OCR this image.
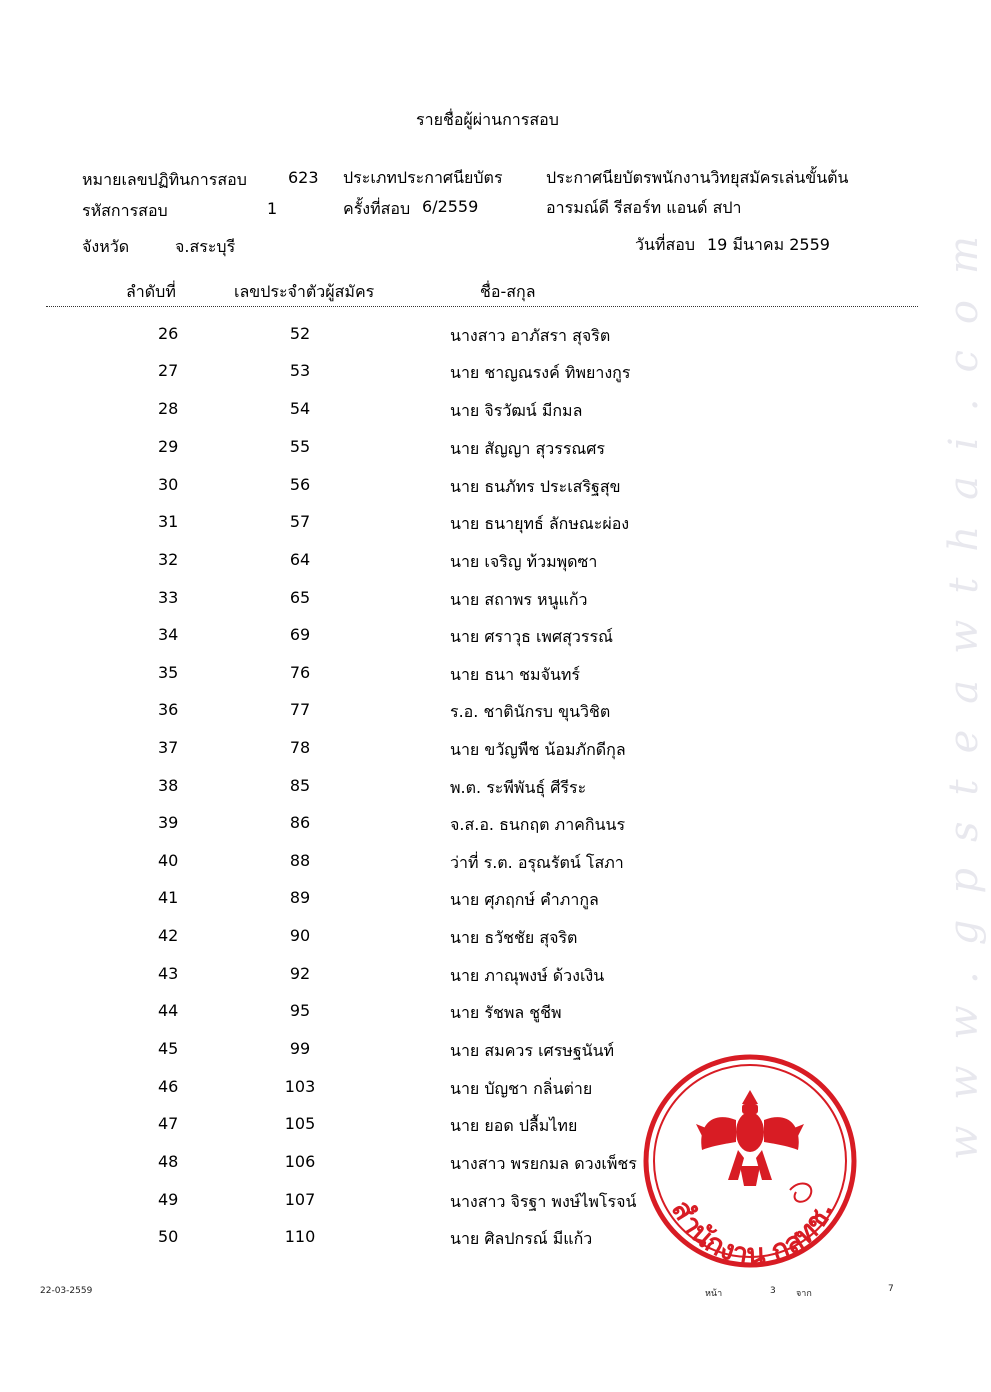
www.gpsteawthai.com
รายชื่อผู้ผ่านการสอบ
หมายเลขปฏิทินการสอบ	623 ประเภทประกาศนียบัตร	ประกาศนียบัตรพนักงานวิทยุสมัครเล่นขั้นต้น
รหัสการสอบ	1	ครั้งที่สอบ 6/2559	อารมณ์ดี รีสอร์ท แอนด์ สปา
จังหวัด	จ.สระบุรี	วันที่สอบ 19 มีนาคม 2559
ลำดับที่	เลขประจำตัวผู้สมัคร	ชื่อ-สกุล
26	52	นางสาว อาภัสรา สุจริต
27	53	นาย ชาญณรงค์ ทิพยางกูร
28	54	นาย จิรวัฒน์ มีกมล
29	55	นาย สัญญา สุวรรณศร
30	56	นาย ธนภัทร ประเสริฐสุข
31	57	นาย ธนายุทธ์ ลักษณะผ่อง
32	64	นาย เจริญ ท้วมพุดซา
33	65	นาย สถาพร หนูแก้ว
34	69	นาย ศราวุธ เพศสุวรรณ์
35	76	นาย ธนา ชมจันทร์
36	77	ร.อ. ชาตินักรบ ขุนวิชิต
37	78	นาย ขวัญพืช น้อมภักดีกุล
38	85	พ.ต. ระพีพันธุ์ ศีรีระ
39	86	จ.ส.อ. ธนกฤต ภาคกินนร
40	88	ว่าที่ ร.ต. อรุณรัตน์ โสภา
41	89	นาย ศุภฤกษ์ คำภากูล
42	90	นาย ธวัชชัย สุจริต
43	92	นาย ภาณุพงษ์ ด้วงเงิน
44	95	นาย รัชพล ชูชีพ
45	99	นาย สมควร เศรษฐนันท์
46	103	นาย บัญชา กลิ่นต่าย
47	105	นาย ยอด ปลื้มไทย
48	106	นางสาว พรยกมล ดวงเพ็ชร
49	107	นางสาว จิรฐา พงษ์ไพโรจน์
50	110	นาย ศิลปกรณ์ มีแก้ว	สำนักงาน กสทช.
22-03-2559	หน้า	3 จาก	7
